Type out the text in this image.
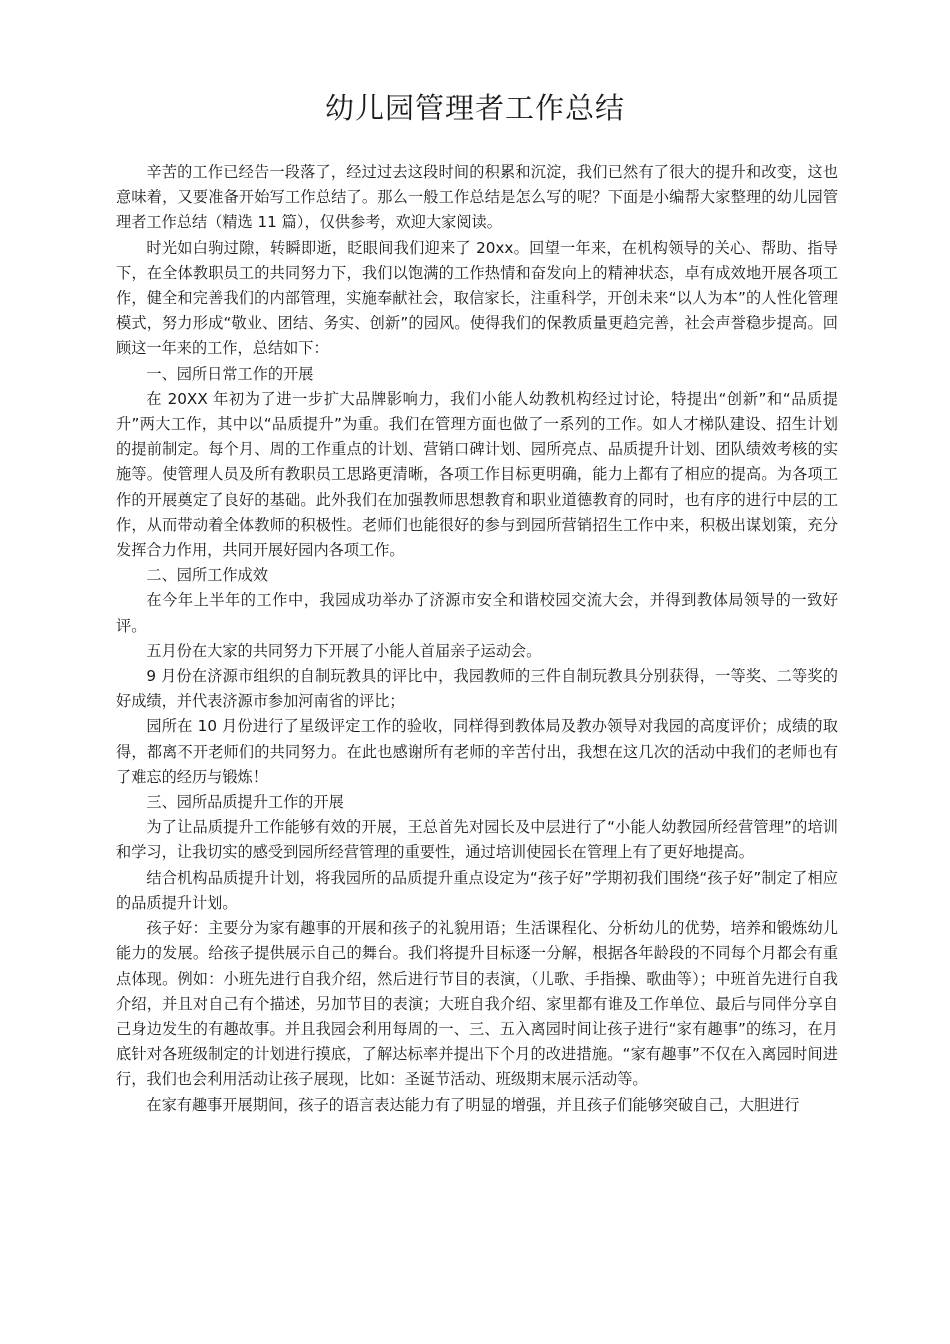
幼儿园管理者工作总结

辛苦的工作已经告一段落了，经过过去这段时间的积累和沉淀，我们已然有了很大的提升和改变，这也意味着，又要准备开始写工作总结了。那么一般工作总结是怎么写的呢？下面是小编帮大家整理的幼儿园管理者工作总结（精选 11 篇），仅供参考，欢迎大家阅读。

时光如白驹过隙，转瞬即逝，眨眼间我们迎来了 20xx。回望一年来，在机构领导的关心、帮助、指导下，在全体教职员工的共同努力下，我们以饱满的工作热情和奋发向上的精神状态，卓有成效地开展各项工作，健全和完善我们的内部管理，实施奉献社会，取信家长，注重科学，开创未来“以人为本”的人性化管理模式，努力形成“敬业、团结、务实、创新”的园风。使得我们的保教质量更趋完善，社会声誉稳步提高。回顾这一年来的工作，总结如下：

一、园所日常工作的开展

在 20XX 年初为了进一步扩大品牌影响力，我们小能人幼教机构经过讨论，特提出“创新”和“品质提升”两大工作，其中以“品质提升”为重。我们在管理方面也做了一系列的工作。如人才梯队建设、招生计划的提前制定。每个月、周的工作重点的计划、营销口碑计划、园所亮点、品质提升计划、团队绩效考核的实施等。使管理人员及所有教职员工思路更清晰，各项工作目标更明确，能力上都有了相应的提高。为各项工作的开展奠定了良好的基础。此外我们在加强教师思想教育和职业道德教育的同时，也有序的进行中层的工作，从而带动着全体教师的积极性。老师们也能很好的参与到园所营销招生工作中来，积极出谋划策，充分发挥合力作用，共同开展好园内各项工作。

二、园所工作成效

在今年上半年的工作中，我园成功举办了济源市安全和谐校园交流大会，并得到教体局领导的一致好评。

五月份在大家的共同努力下开展了小能人首届亲子运动会。

9 月份在济源市组织的自制玩教具的评比中，我园教师的三件自制玩教具分别获得，一等奖、二等奖的好成绩，并代表济源市参加河南省的评比；

园所在 10 月份进行了星级评定工作的验收，同样得到教体局及教办领导对我园的高度评价；成绩的取得，都离不开老师们的共同努力。在此也感谢所有老师的辛苦付出，我想在这几次的活动中我们的老师也有了难忘的经历与锻炼！

三、园所品质提升工作的开展

为了让品质提升工作能够有效的开展，王总首先对园长及中层进行了“小能人幼教园所经营管理”的培训和学习，让我切实的感受到园所经营管理的重要性，通过培训使园长在管理上有了更好地提高。

结合机构品质提升计划，将我园所的品质提升重点设定为“孩子好”学期初我们围绕“孩子好”制定了相应的品质提升计划。

孩子好：主要分为家有趣事的开展和孩子的礼貌用语；生活课程化、分析幼儿的优势，培养和锻炼幼儿能力的发展。给孩子提供展示自己的舞台。我们将提升目标逐一分解，根据各年龄段的不同每个月都会有重点体现。例如：小班先进行自我介绍，然后进行节目的表演，（儿歌、手指操、歌曲等）；中班首先进行自我介绍，并且对自己有个描述，另加节目的表演；大班自我介绍、家里都有谁及工作单位、最后与同伴分享自己身边发生的有趣故事。并且我园会利用每周的一、三、五入离园时间让孩子进行“家有趣事”的练习，在月底针对各班级制定的计划进行摸底，了解达标率并提出下个月的改进措施。“家有趣事”不仅在入离园时间进行，我们也会利用活动让孩子展现，比如：圣诞节活动、班级期末展示活动等。

在家有趣事开展期间，孩子的语言表达能力有了明显的增强，并且孩子们能够突破自己，大胆进行
